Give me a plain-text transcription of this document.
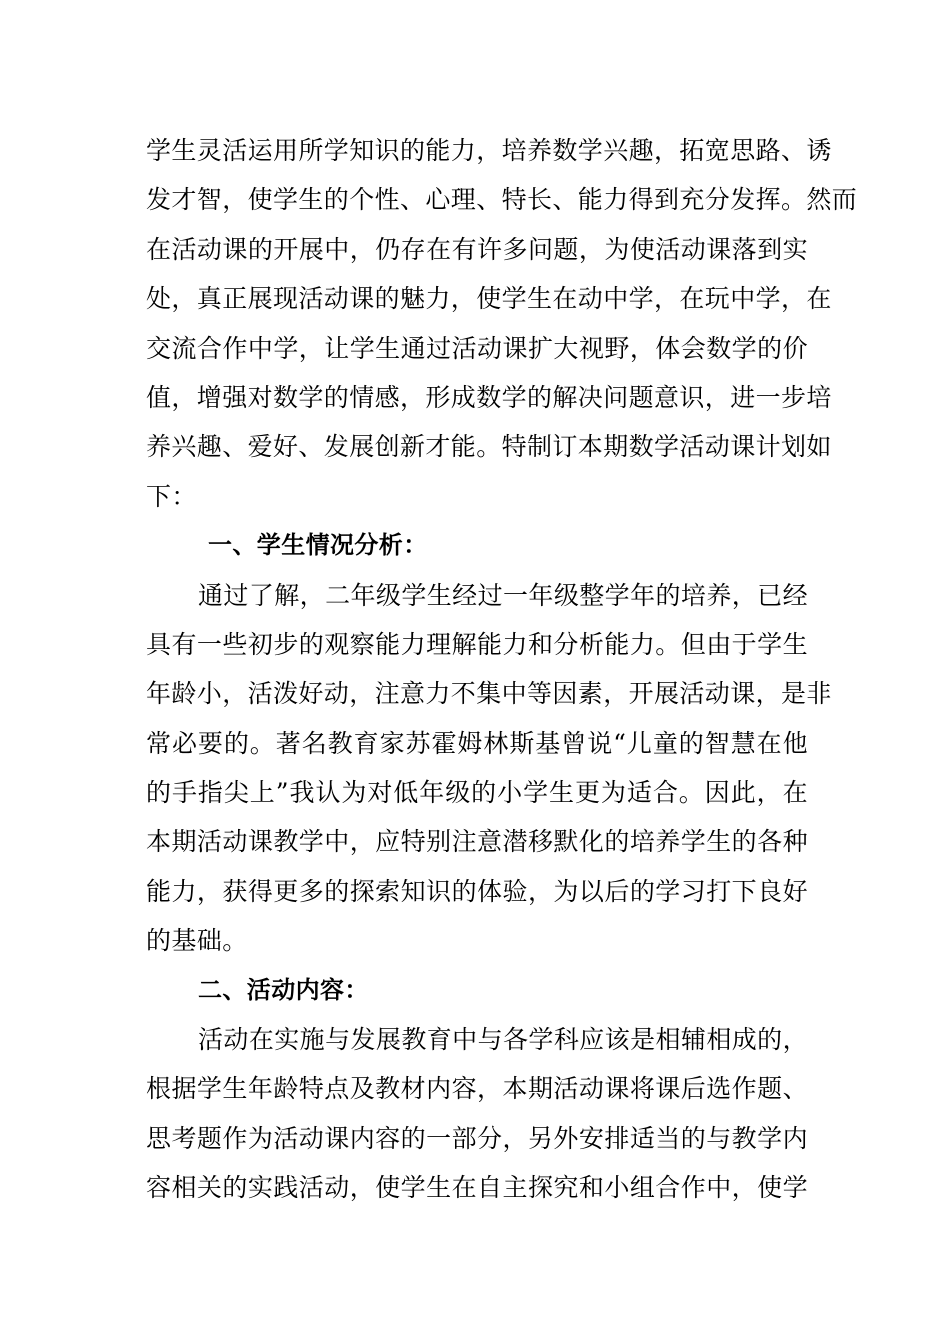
学生灵活运用所学知识的能力，培养数学兴趣，拓宽思路、诱
发才智，使学生的个性、心理、特长、能力得到充分发挥。然而
在活动课的开展中，仍存在有许多问题，为使活动课落到实
处，真正展现活动课的魅力，使学生在动中学，在玩中学，在
交流合作中学，让学生通过活动课扩大视野，体会数学的价
值，增强对数学的情感，形成数学的解决问题意识，进一步培
养兴趣、爱好、发展创新才能。特制订本期数学活动课计划如
下：
一、学生情况分析：
通过了解，二年级学生经过一年级整学年的培养，已经
具有一些初步的观察能力理解能力和分析能力。但由于学生
年龄小，活泼好动，注意力不集中等因素，开展活动课，是非
常必要的。著名教育家苏霍姆林斯基曾说“儿童的智慧在他
的手指尖上”我认为对低年级的小学生更为适合。因此，在
本期活动课教学中，应特别注意潜移默化的培养学生的各种
能力，获得更多的探索知识的体验，为以后的学习打下良好
的基础。
二、活动内容：
活动在实施与发展教育中与各学科应该是相辅相成的，
根据学生年龄特点及教材内容，本期活动课将课后选作题、
思考题作为活动课内容的一部分，另外安排适当的与教学内
容相关的实践活动，使学生在自主探究和小组合作中，使学
